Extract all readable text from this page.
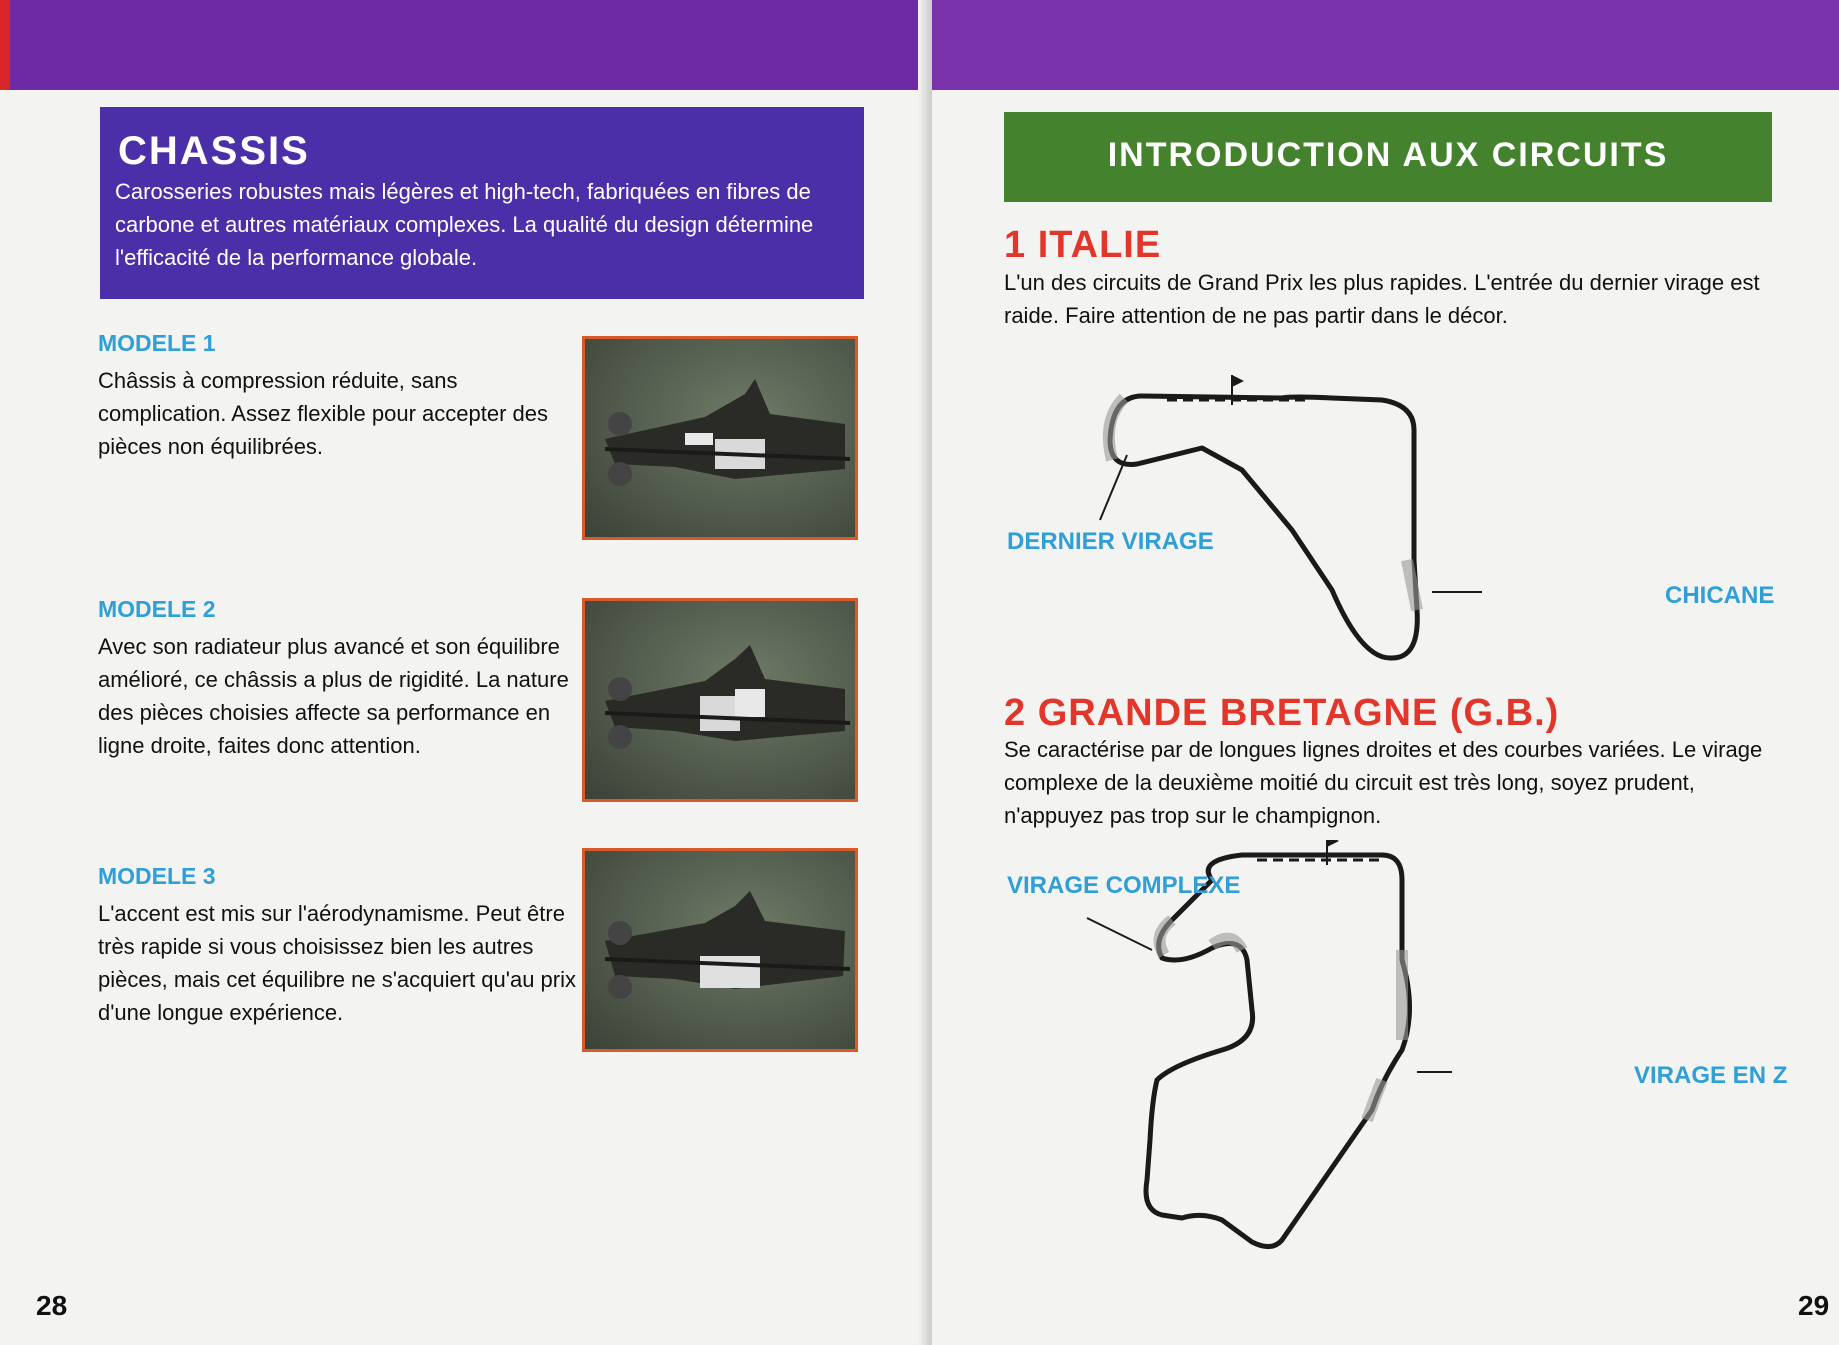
CHASSIS
Carosseries robustes mais légères et high-tech, fabriquées en fibres de carbone et autres matériaux complexes. La qualité du design détermine l'efficacité de la performance globale.
MODELE 1
Châssis à compression réduite, sans complication. Assez flexible pour accepter des pièces non équilibrées.
MODELE 2
Avec son radiateur plus avancé et son équilibre amélioré, ce châssis a plus de rigidité. La nature des pièces choisies affecte sa performance en ligne droite, faites donc attention.
MODELE 3
L'accent est mis sur l'aérodynamisme. Peut être très rapide si vous choisissez bien les autres pièces, mais cet équilibre ne s'acquiert qu'au prix d'une longue expérience.
28
INTRODUCTION AUX CIRCUITS
1 ITALIE
L'un des circuits de Grand Prix les plus rapides. L'entrée du dernier virage est raide. Faire attention de ne pas partir dans le décor.
DERNIER VIRAGE
CHICANE
2 GRANDE BRETAGNE (G.B.)
Se caractérise par de longues lignes droites et des courbes variées. Le virage complexe de la deuxième moitié du circuit est très long, soyez prudent, n'appuyez pas trop sur le champignon.
VIRAGE COMPLEXE
VIRAGE EN Z
29
